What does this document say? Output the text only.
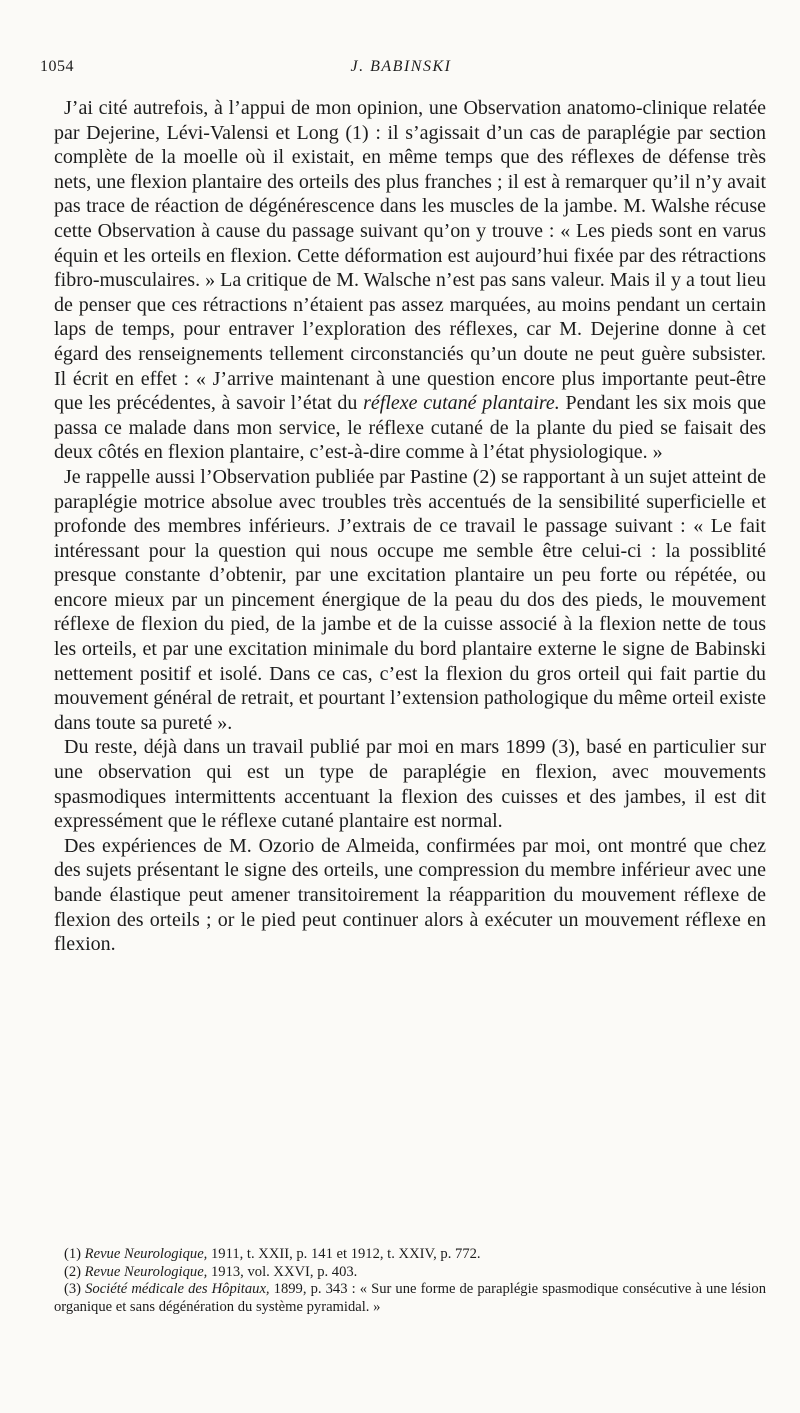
1054	J. BABINSKI

J’ai cité autrefois, à l’appui de mon opinion, une Observation anatomo-clinique relatée par Dejerine, Lévi-Valensi et Long (1) : il s’agissait d’un cas de paraplégie par section complète de la moelle où il existait, en même temps que des réflexes de défense très nets, une flexion plantaire des orteils des plus franches ; il est à remarquer qu’il n’y avait pas trace de réaction de dégénérescence dans les muscles de la jambe. M. Walshe récuse cette Observation à cause du passage suivant qu’on y trouve : « Les pieds sont en varus équin et les orteils en flexion. Cette déformation est aujourd’hui fixée par des rétractions fibro-musculaires. » La critique de M. Walsche n’est pas sans valeur. Mais il y a tout lieu de penser que ces rétractions n’étaient pas assez marquées, au moins pendant un certain laps de temps, pour entraver l’exploration des réflexes, car M. Dejerine donne à cet égard des renseignements tellement circonstanciés qu’un doute ne peut guère subsister. Il écrit en effet : « J’arrive maintenant à une question encore plus importante peut-être que les précédentes, à savoir l’état du réflexe cutané plantaire. Pendant les six mois que passa ce malade dans mon service, le réflexe cutané de la plante du pied se faisait des deux côtés en flexion plantaire, c’est-à-dire comme à l’état physiologique. »

Je rappelle aussi l’Observation publiée par Pastine (2) se rapportant à un sujet atteint de paraplégie motrice absolue avec troubles très accentués de la sensibilité superficielle et profonde des membres inférieurs. J’extrais de ce travail le passage suivant : « Le fait intéressant pour la question qui nous occupe me semble être celui-ci : la possiblité presque constante d’obtenir, par une excitation plantaire un peu forte ou répétée, ou encore mieux par un pincement énergique de la peau du dos des pieds, le mouvement réflexe de flexion du pied, de la jambe et de la cuisse associé à la flexion nette de tous les orteils, et par une excitation minimale du bord plantaire externe le signe de Babinski nettement positif et isolé. Dans ce cas, c’est la flexion du gros orteil qui fait partie du mouvement général de retrait, et pourtant l’extension pathologique du même orteil existe dans toute sa pureté ».

Du reste, déjà dans un travail publié par moi en mars 1899 (3), basé en particulier sur une observation qui est un type de paraplégie en flexion, avec mouvements spasmodiques intermittents accentuant la flexion des cuisses et des jambes, il est dit expressément que le réflexe cutané plantaire est normal.

Des expériences de M. Ozorio de Almeida, confirmées par moi, ont montré que chez des sujets présentant le signe des orteils, une compression du membre inférieur avec une bande élastique peut amener transitoirement la réapparition du mouvement réflexe de flexion des orteils ; or le pied peut continuer alors à exécuter un mouvement réflexe en flexion.

(1) Revue Neurologique, 1911, t. XXII, p. 141 et 1912, t. XXIV, p. 772.

(2) Revue Neurologique, 1913, vol. XXVI, p. 403.

(3) Société médicale des Hôpitaux, 1899, p. 343 : « Sur une forme de paraplégie spasmodique consécutive à une lésion organique et sans dégénération du système pyramidal. »
